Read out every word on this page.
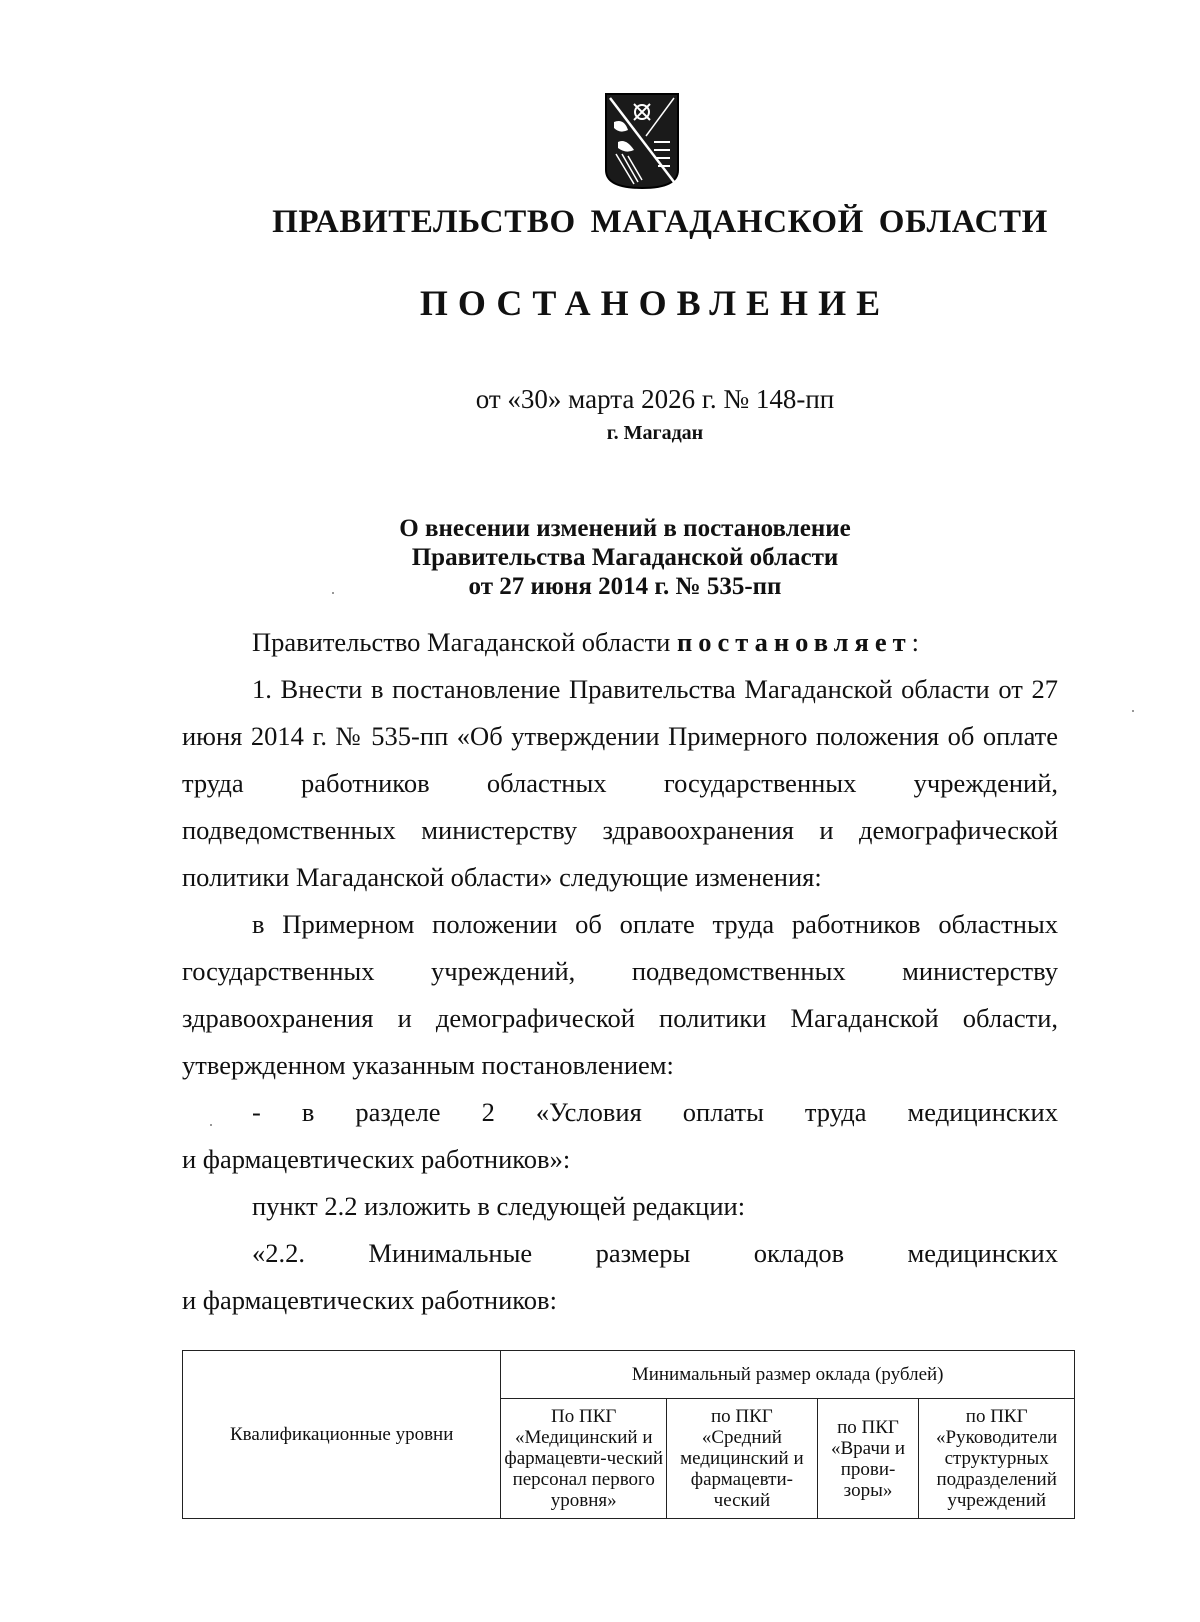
ПРАВИТЕЛЬСТВО МАГАДАНСКОЙ ОБЛАСТИ
ПОСТАНОВЛЕНИЕ
от «30» марта 2026 г. № 148-пп
г. Магадан
О внесении изменений в постановление
Правительства Магаданской области
от 27 июня 2014 г. № 535-пп
Правительство Магаданской области постановляет:
1. Внести в постановление Правительства Магаданской области от 27 июня 2014 г. № 535-пп «Об утверждении Примерного положения об оплате труда работников областных государственных учреждений, подведомственных министерству здравоохранения и демографической политики Магаданской области» следующие изменения:
в Примерном положении об оплате труда работников областных государственных учреждений, подведомственных министерству здравоохранения и демографической политики Магаданской области, утвержденном указанным постановлением:
- в разделе 2 «Условия оплаты труда медицинских
и фармацевтических работников»:
пункт 2.2 изложить в следующей редакции:
«2.2. Минимальные размеры окладов медицинских
и фармацевтических работников:
Квалификационные уровни	Минимальный размер оклада (рублей)			
	По ПКГ «Медицинский и фармацевти-ческий персонал первого уровня»	по ПКГ «Средний медицинский и фармацевти-ческий	по ПКГ «Врачи и прови-зоры»	по ПКГ «Руководители структурных подразделений учреждений
